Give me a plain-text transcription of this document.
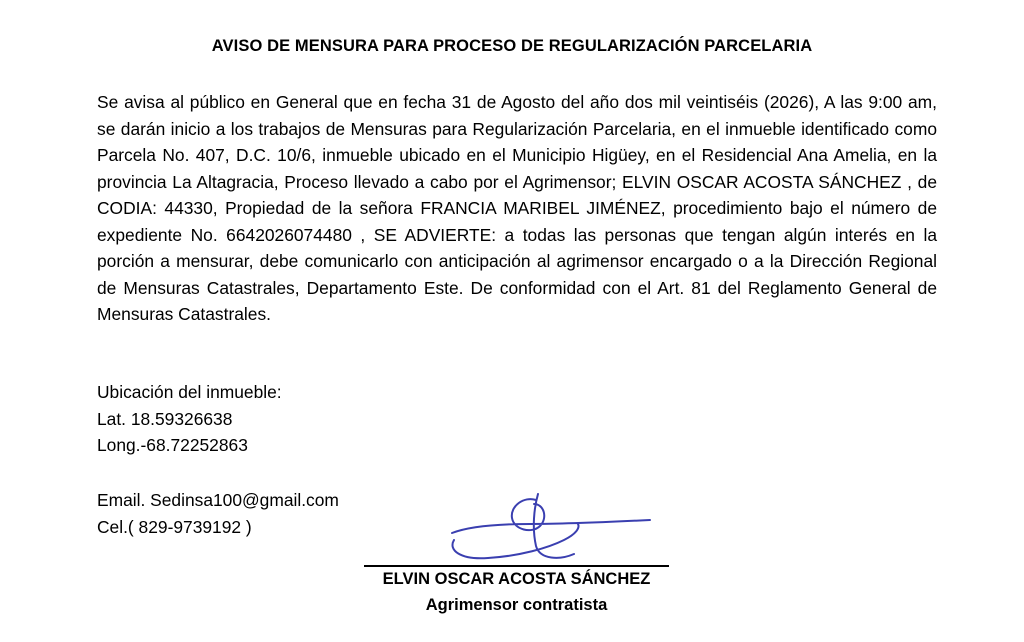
AVISO DE MENSURA PARA PROCESO DE REGULARIZACIÓN PARCELARIA
Se avisa al público en General que en fecha 31 de Agosto del año dos mil veintiséis (2026), A las 9:00 am, se darán inicio a los trabajos de Mensuras para Regularización Parcelaria, en el inmueble identificado como Parcela No. 407, D.C. 10/6, inmueble ubicado en el Municipio Higüey, en el Residencial Ana Amelia, en la provincia La Altagracia, Proceso llevado a cabo por el Agrimensor; ELVIN OSCAR ACOSTA SÁNCHEZ , de CODIA: 44330, Propiedad de la señora FRANCIA MARIBEL JIMÉNEZ, procedimiento bajo el número de expediente No. 6642026074480 , SE ADVIERTE: a todas las personas que tengan algún interés en la porción a mensurar, debe comunicarlo con anticipación al agrimensor encargado o a la Dirección Regional de Mensuras Catastrales, Departamento Este. De conformidad con el Art. 81 del Reglamento General de Mensuras Catastrales.
Ubicación del inmueble:
Lat. 18.59326638
Long.-68.72252863
Email. Sedinsa100@gmail.com
Cel.( 829-9739192 )
ELVIN OSCAR ACOSTA SÁNCHEZ
Agrimensor contratista
